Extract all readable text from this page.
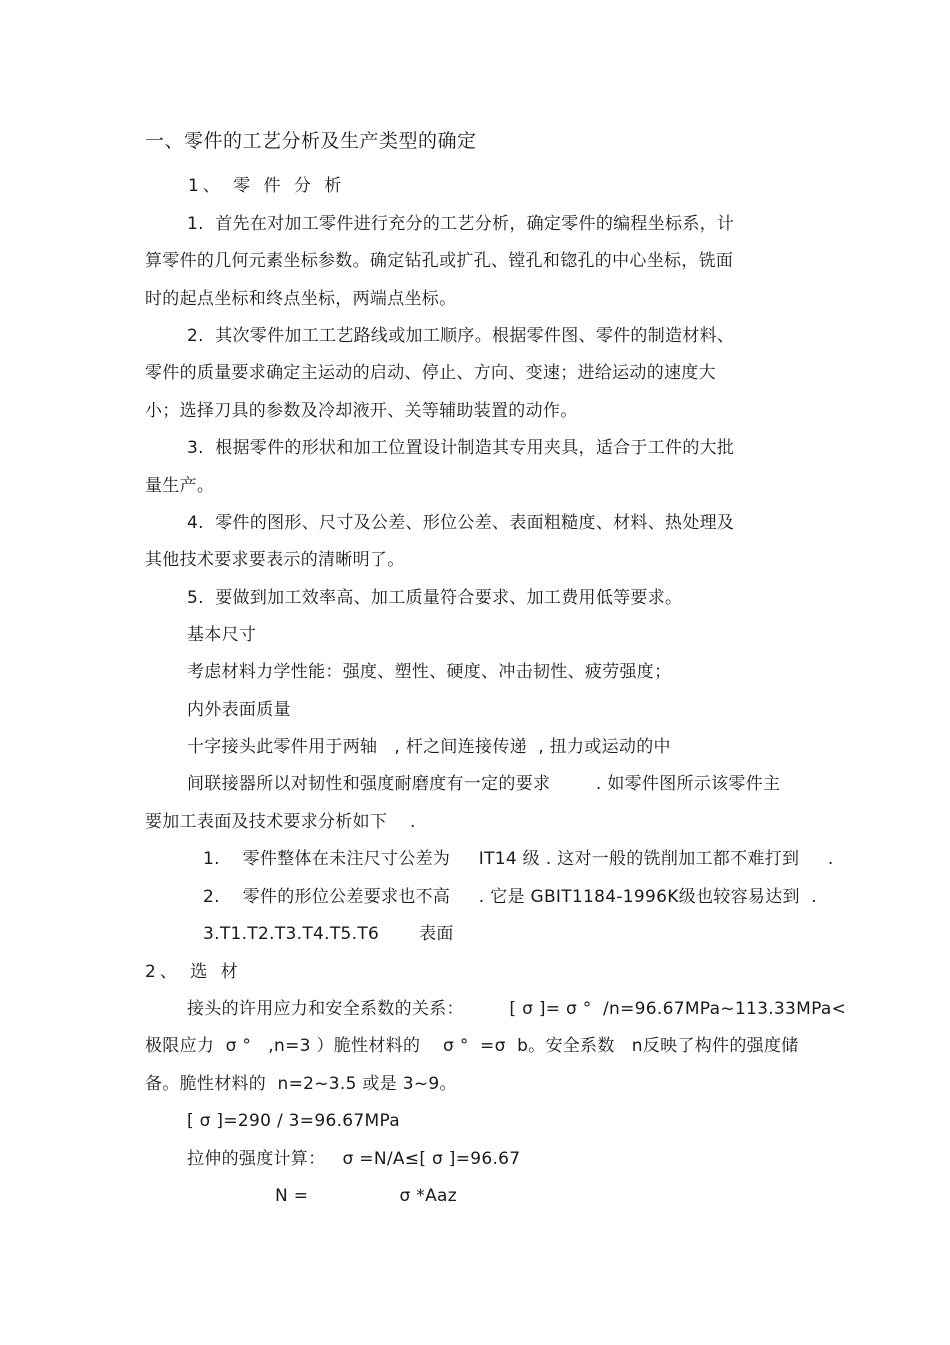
一、零件的工艺分析及生产类型的确定
1、 零 件 分 析
1.  首先在对加工零件进行充分的工艺分析，确定零件的编程坐标系，计
算零件的几何元素坐标参数。确定钻孔或扩孔、镗孔和锪孔的中心坐标，铣面
时的起点坐标和终点坐标，两端点坐标。
2.  其次零件加工工艺路线或加工顺序。根据零件图、零件的制造材料、
零件的质量要求确定主运动的启动、停止、方向、变速；进给运动的速度大
小；选择刀具的参数及冷却液开、关等辅助装置的动作。
3.  根据零件的形状和加工位置设计制造其专用夹具，适合于工件的大批
量生产。
4.  零件的图形、尺寸及公差、形位公差、表面粗糙度、材料、热处理及
其他技术要求要表示的清晰明了。
5.  要做到加工效率高、加工质量符合要求、加工费用低等要求。
基本尺寸
考虑材料力学性能：强度、塑性、硬度、冲击韧性、疲劳强度；
内外表面质量
十字接头此零件用于两轴   , 杆之间连接传递  , 扭力或运动的中
间联接器所以对韧性和强度耐磨度有一定的要求        . 如零件图所示该零件主
要加工表面及技术要求分析如下    .
1.    零件整体在未注尺寸公差为     IT14 级 . 这对一般的铣削加工都不难打到     .
2.    零件的形位公差要求也不高     . 它是 GBIT1184-1996K级也较容易达到  .
3.T1.T2.T3.T4.T5.T6       表面
2、 选 材
接头的许用应力和安全系数的关系：        [ σ ]= σ °  /n=96.67MPa~113.33MPa<
极限应力  σ °   ,n=3 ）脆性材料的    σ °  =σ  b。安全系数   n反映了构件的强度储
备。脆性材料的  n=2~3.5 或是 3~9。
[ σ ]=290 / 3=96.67MPa
拉伸的强度计算：   σ =N/A≤[ σ ]=96.67
N =                σ *Aaz
